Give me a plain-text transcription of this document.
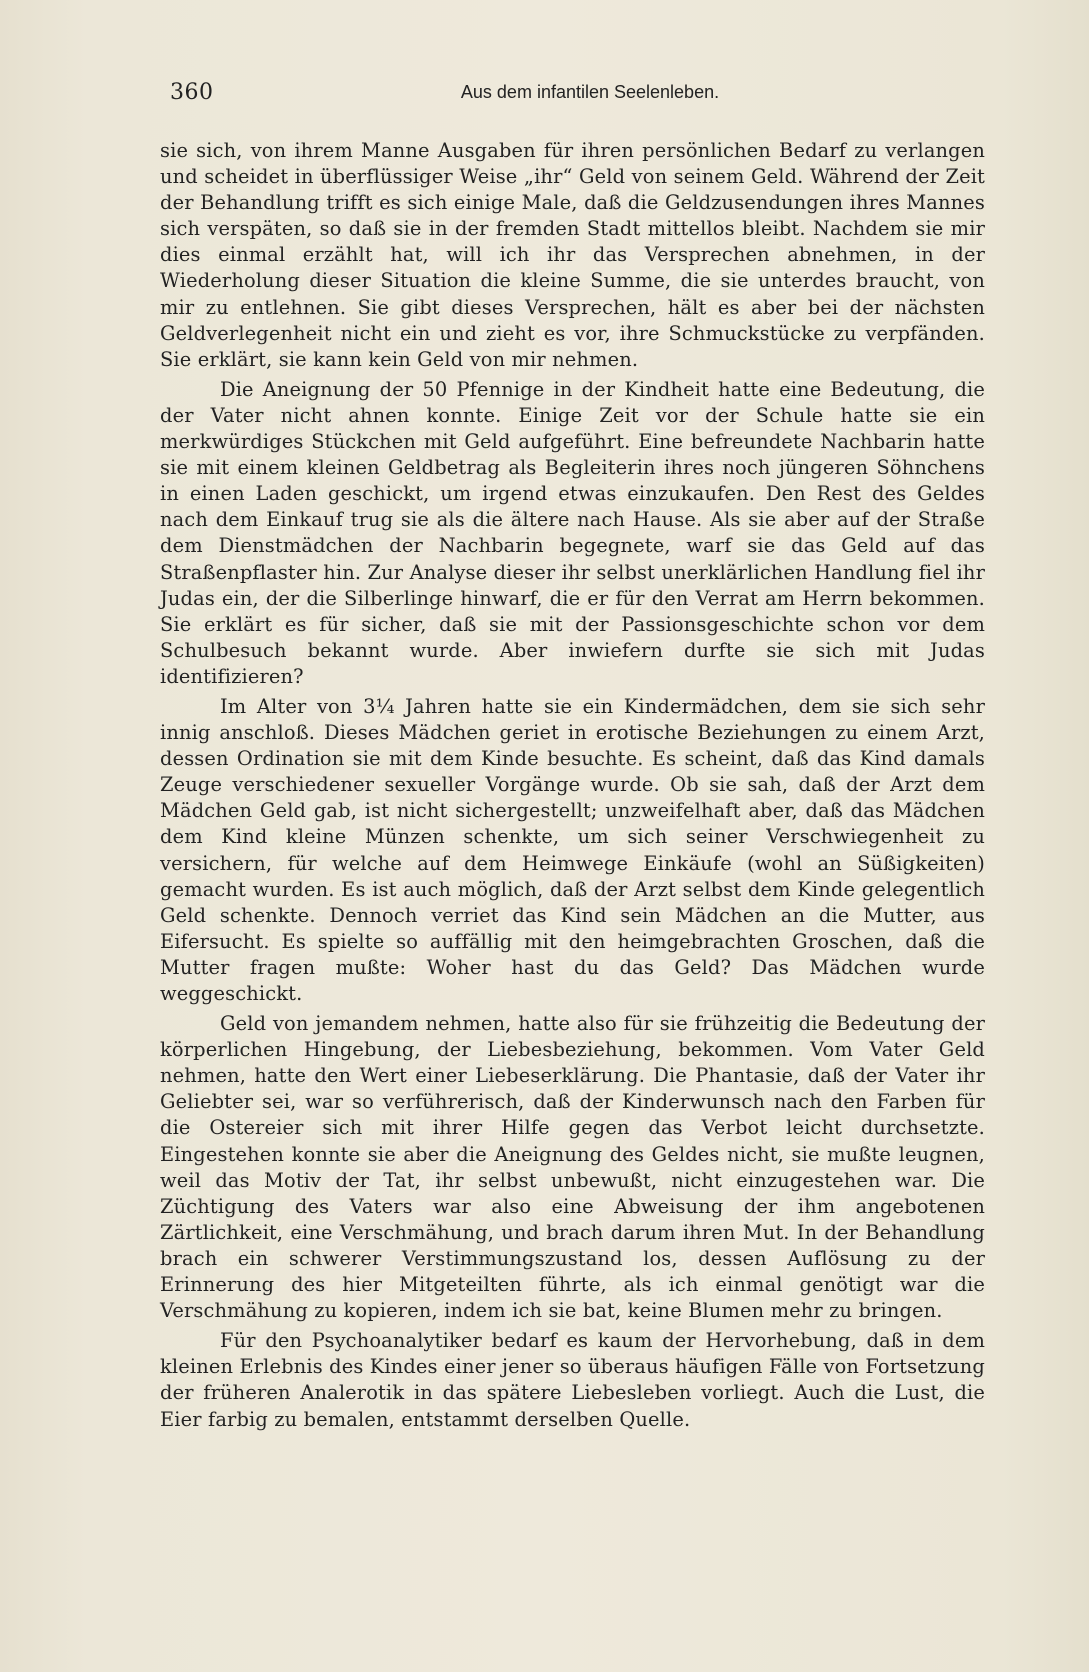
360	Aus dem infantilen Seelenleben.

sie sich, von ihrem Manne Ausgaben für ihren persönlichen Bedarf zu verlangen und scheidet in überflüssiger Weise „ihr“ Geld von seinem Geld. Während der Zeit der Behandlung trifft es sich einige Male, daß die Geldzusendungen ihres Mannes sich verspäten, so daß sie in der fremden Stadt mittellos bleibt. Nachdem sie mir dies einmal erzählt hat, will ich ihr das Versprechen abnehmen, in der Wiederholung dieser Situation die kleine Summe, die sie unterdes braucht, von mir zu entlehnen. Sie gibt dieses Versprechen, hält es aber bei der nächsten Geldverlegenheit nicht ein und zieht es vor, ihre Schmuckstücke zu verpfänden. Sie erklärt, sie kann kein Geld von mir nehmen.

Die Aneignung der 50 Pfennige in der Kindheit hatte eine Bedeutung, die der Vater nicht ahnen konnte. Einige Zeit vor der Schule hatte sie ein merkwürdiges Stückchen mit Geld aufgeführt. Eine befreundete Nachbarin hatte sie mit einem kleinen Geldbetrag als Begleiterin ihres noch jüngeren Söhnchens in einen Laden geschickt, um irgend etwas einzukaufen. Den Rest des Geldes nach dem Einkauf trug sie als die ältere nach Hause. Als sie aber auf der Straße dem Dienstmädchen der Nachbarin begegnete, warf sie das Geld auf das Straßenpflaster hin. Zur Analyse dieser ihr selbst unerklärlichen Handlung fiel ihr Judas ein, der die Silberlinge hinwarf, die er für den Verrat am Herrn bekommen. Sie erklärt es für sicher, daß sie mit der Passionsgeschichte schon vor dem Schulbesuch bekannt wurde. Aber inwiefern durfte sie sich mit Judas identifizieren?

Im Alter von 3¼ Jahren hatte sie ein Kindermädchen, dem sie sich sehr innig anschloß. Dieses Mädchen geriet in erotische Beziehungen zu einem Arzt, dessen Ordination sie mit dem Kinde besuchte. Es scheint, daß das Kind damals Zeuge verschiedener sexueller Vorgänge wurde. Ob sie sah, daß der Arzt dem Mädchen Geld gab, ist nicht sichergestellt; unzweifelhaft aber, daß das Mädchen dem Kind kleine Münzen schenkte, um sich seiner Verschwiegenheit zu versichern, für welche auf dem Heimwege Einkäufe (wohl an Süßigkeiten) gemacht wurden. Es ist auch möglich, daß der Arzt selbst dem Kinde gelegentlich Geld schenkte. Dennoch verriet das Kind sein Mädchen an die Mutter, aus Eifersucht. Es spielte so auffällig mit den heimgebrachten Groschen, daß die Mutter fragen mußte: Woher hast du das Geld? Das Mädchen wurde weggeschickt.

Geld von jemandem nehmen, hatte also für sie frühzeitig die Bedeutung der körperlichen Hingebung, der Liebesbeziehung, bekommen. Vom Vater Geld nehmen, hatte den Wert einer Liebeserklärung. Die Phantasie, daß der Vater ihr Geliebter sei, war so verführerisch, daß der Kinderwunsch nach den Farben für die Ostereier sich mit ihrer Hilfe gegen das Verbot leicht durchsetzte. Eingestehen konnte sie aber die Aneignung des Geldes nicht, sie mußte leugnen, weil das Motiv der Tat, ihr selbst unbewußt, nicht einzugestehen war. Die Züchtigung des Vaters war also eine Abweisung der ihm angebotenen Zärtlichkeit, eine Verschmähung, und brach darum ihren Mut. In der Behandlung brach ein schwerer Verstimmungszustand los, dessen Auflösung zu der Erinnerung des hier Mitgeteilten führte, als ich einmal genötigt war die Verschmähung zu kopieren, indem ich sie bat, keine Blumen mehr zu bringen.

Für den Psychoanalytiker bedarf es kaum der Hervorhebung, daß in dem kleinen Erlebnis des Kindes einer jener so überaus häufigen Fälle von Fortsetzung der früheren Analerotik in das spätere Liebesleben vorliegt. Auch die Lust, die Eier farbig zu bemalen, entstammt derselben Quelle.
